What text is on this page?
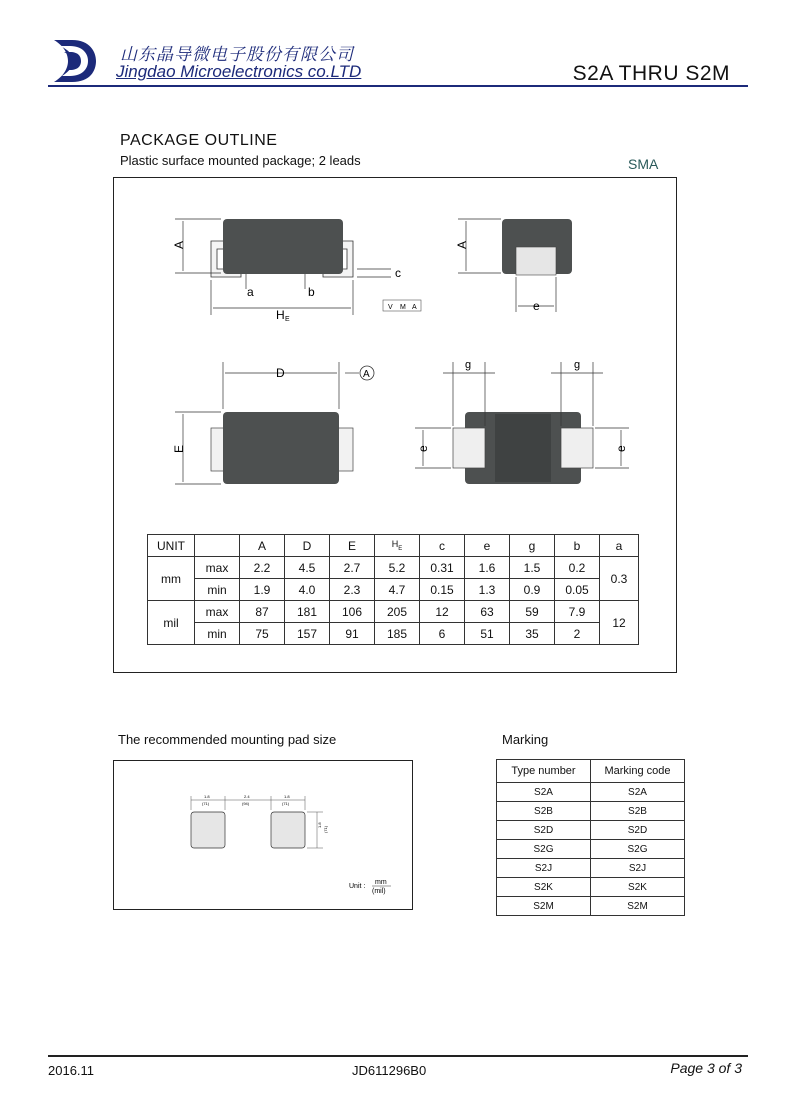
山东晶导微电子股份有限公司
Jingdao Microelectronics co.LTD	S2A THRU S2M
PACKAGE OUTLINE
Plastic surface mounted package; 2 leads	SMA
V M A
A
a	b
c
H E
A
e
A
D
E
g	g
e	e
UNIT		A	D	E	$H_E$	c	e	g	b	a
mm	max	2.2	4.5	2.7	5.2	0.31	1.6	1.5	0.2	0.3
	min	1.9	4.0	2.3	4.7	0.15	1.3	0.9	0.05	
mil	max	87	181	106	205	12	63	59	7.9	12
	min	75	157	91	185	6	51	35	2	
The recommended mounting pad size
1.8
(71)
2.4
(94)
1.8
(71)
1.8
(71)
Unit :
mm
(mil)
Marking
Type number	Marking code
S2A	S2A
S2B	S2B
S2D	S2D
S2G	S2G
S2J	S2J
S2K	S2K
S2M	S2M
2016.11	JD611296B0	Page 3 of 3
